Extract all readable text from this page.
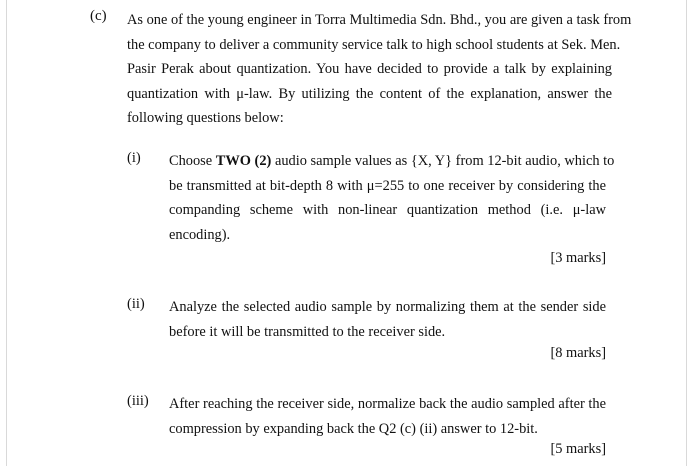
(c) As one of the young engineer in Torra Multimedia Sdn. Bhd., you are given a task from
the company to deliver a community service talk to high school students at Sek. Men.
Pasir Perak about quantization. You have decided to provide a talk by explaining
quantization with μ-law. By utilizing the content of the explanation, answer the
following questions below:
(i) Choose TWO (2) audio sample values as {X, Y} from 12-bit audio, which to
be transmitted at bit-depth 8 with μ=255 to one receiver by considering the
companding scheme with non-linear quantization method (i.e. μ-law
encoding).
[3 marks]
(ii) Analyze the selected audio sample by normalizing them at the sender side
before it will be transmitted to the receiver side.
[8 marks]
(iii) After reaching the receiver side, normalize back the audio sampled after the
compression by expanding back the Q2 (c) (ii) answer to 12-bit.
[5 marks]
